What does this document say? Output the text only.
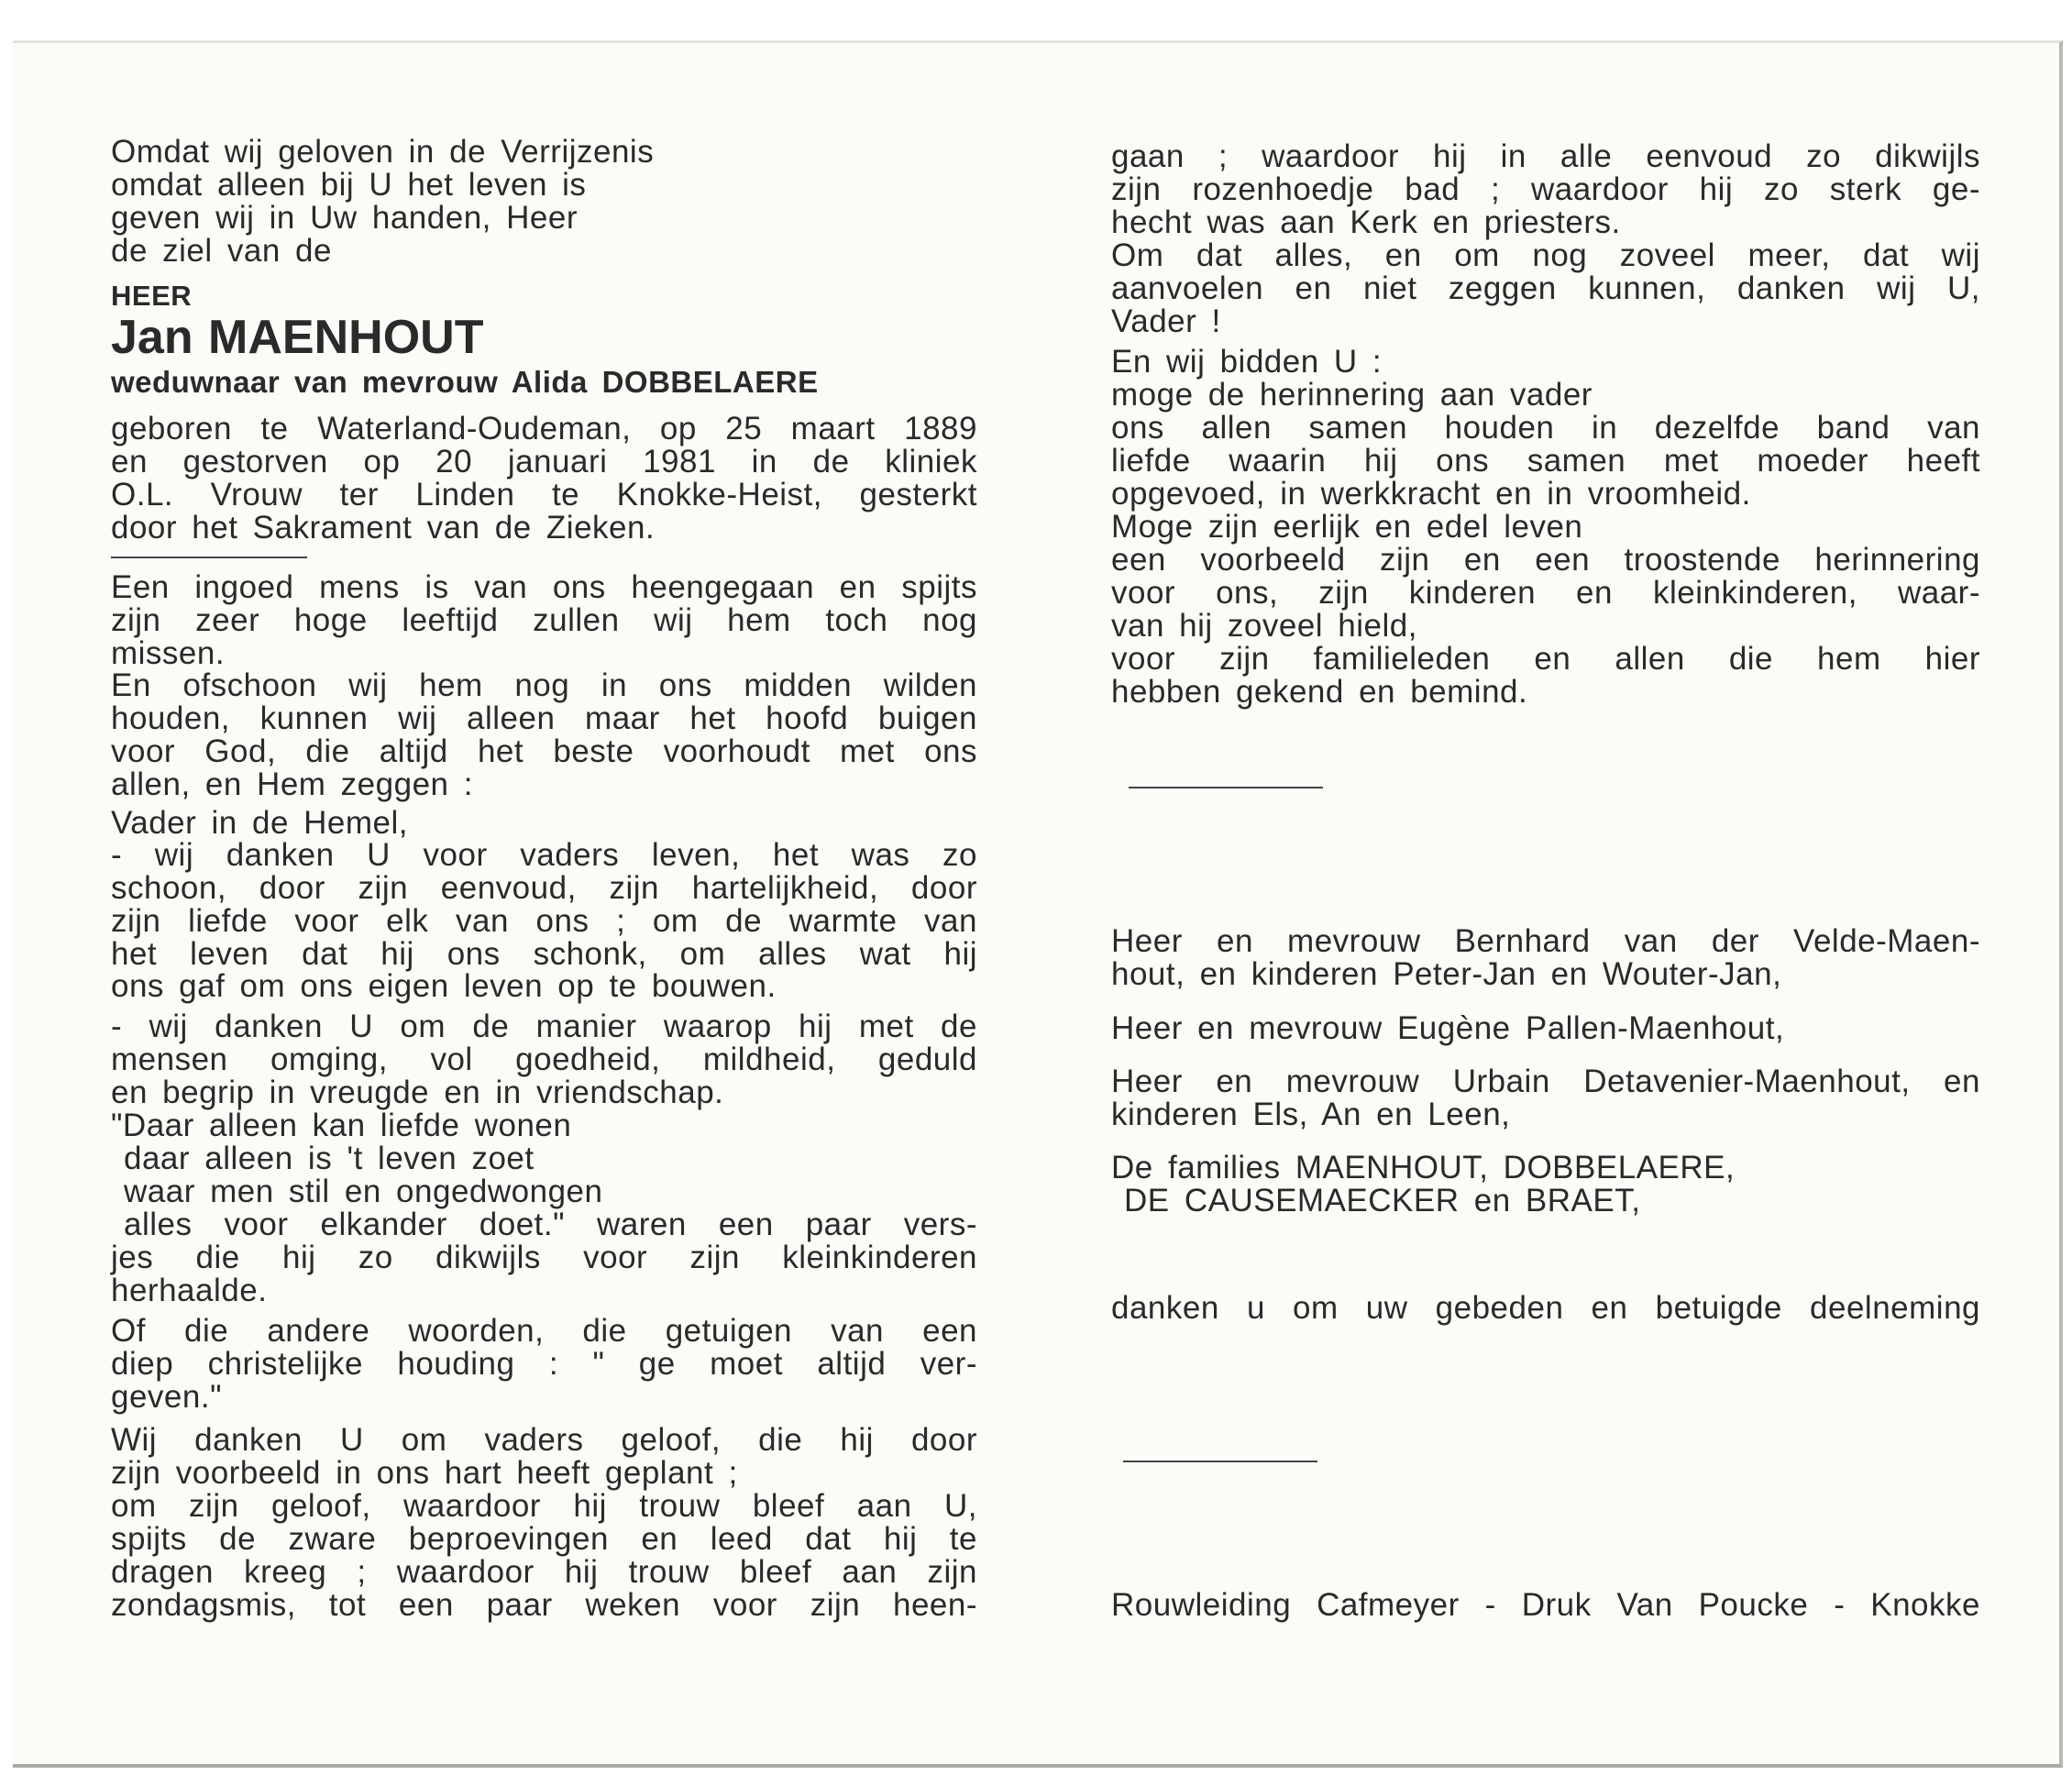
Omdat wij geloven in de Verrijzenis
omdat alleen bij U het leven is
geven wij in Uw handen, Heer
de ziel van de
HEER
Jan MAENHOUT
weduwnaar van mevrouw Alida DOBBELAERE
geboren te Waterland-Oudeman, op 25 maart 1889
en gestorven op 20 januari 1981 in de kliniek
O.L. Vrouw ter Linden te Knokke-Heist, gesterkt
door het Sakrament van de Zieken.
Een ingoed mens is van ons heengegaan en spijts
zijn zeer hoge leeftijd zullen wij hem toch nog
missen.
En ofschoon wij hem nog in ons midden wilden
houden, kunnen wij alleen maar het hoofd buigen
voor God, die altijd het beste voorhoudt met ons
allen, en Hem zeggen :
Vader in de Hemel,
- wij danken U voor vaders leven, het was zo
schoon, door zijn eenvoud, zijn hartelijkheid, door
zijn liefde voor elk van ons ; om de warmte van
het leven dat hij ons schonk, om alles wat hij
ons gaf om ons eigen leven op te bouwen.
- wij danken U om de manier waarop hij met de
mensen omging, vol goedheid, mildheid, geduld
en begrip in vreugde en in vriendschap.
"Daar alleen kan liefde wonen
daar alleen is 't leven zoet
waar men stil en ongedwongen
alles voor elkander doet." waren een paar vers-
jes die hij zo dikwijls voor zijn kleinkinderen
herhaalde.
Of die andere woorden, die getuigen van een
diep christelijke houding : " ge moet altijd ver-
geven."
Wij danken U om vaders geloof, die hij door
zijn voorbeeld in ons hart heeft geplant ;
om zijn geloof, waardoor hij trouw bleef aan U,
spijts de zware beproevingen en leed dat hij te
dragen kreeg ; waardoor hij trouw bleef aan zijn
zondagsmis, tot een paar weken voor zijn heen-
gaan ; waardoor hij in alle eenvoud zo dikwijls
zijn rozenhoedje bad ; waardoor hij zo sterk ge-
hecht was aan Kerk en priesters.
Om dat alles, en om nog zoveel meer, dat wij
aanvoelen en niet zeggen kunnen, danken wij U,
Vader !
En wij bidden U :
moge de herinnering aan vader
ons allen samen houden in dezelfde band van
liefde waarin hij ons samen met moeder heeft
opgevoed, in werkkracht en in vroomheid.
Moge zijn eerlijk en edel leven
een voorbeeld zijn en een troostende herinnering
voor ons, zijn kinderen en kleinkinderen, waar-
van hij zoveel hield,
voor zijn familieleden en allen die hem hier
hebben gekend en bemind.
Heer en mevrouw Bernhard van der Velde-Maen-
hout, en kinderen Peter-Jan en Wouter-Jan,
Heer en mevrouw Eugène Pallen-Maenhout,
Heer en mevrouw Urbain Detavenier-Maenhout, en
kinderen Els, An en Leen,
De families MAENHOUT, DOBBELAERE,
DE CAUSEMAECKER en BRAET,
danken u om uw gebeden en betuigde deelneming
Rouwleiding Cafmeyer - Druk Van Poucke - Knokke
